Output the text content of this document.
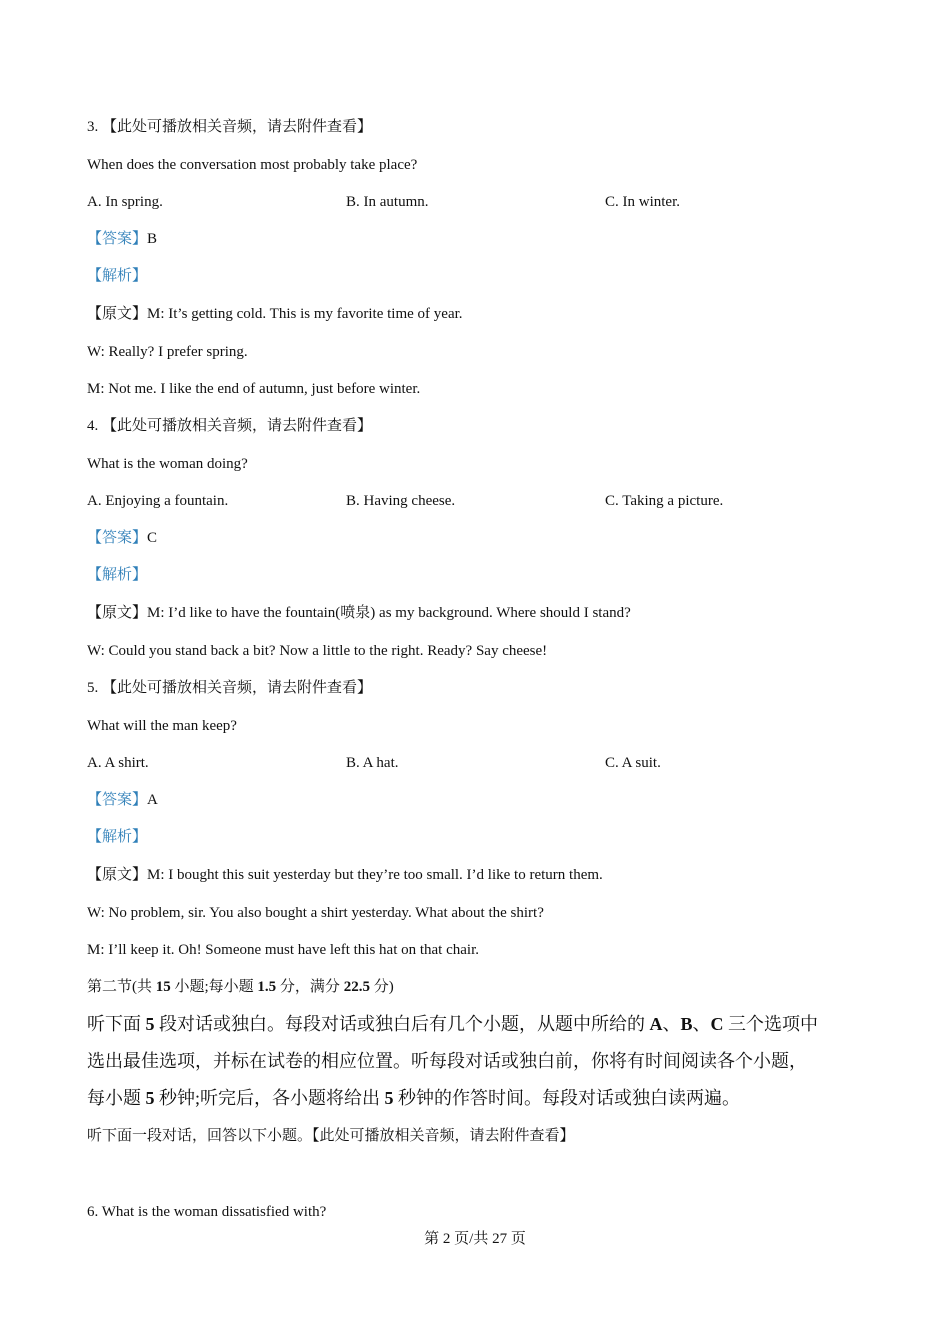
3. 【此处可播放相关音频，请去附件查看】
When does the conversation most probably take place?
A. In spring.	B. In autumn.	C. In winter.
【答案】B
【解析】
【原文】M: It’s getting cold. This is my favorite time of year.
W: Really? I prefer spring.
M: Not me. I like the end of autumn, just before winter.
4. 【此处可播放相关音频，请去附件查看】
What is the woman doing?
A. Enjoying a fountain.	B. Having cheese.	C. Taking a picture.
【答案】C
【解析】
【原文】M: I’d like to have the fountain(喷泉) as my background. Where should I stand?
W: Could you stand back a bit? Now a little to the right. Ready? Say cheese!
5. 【此处可播放相关音频，请去附件查看】
What will the man keep?
A. A shirt.	B. A hat.	C. A suit.
【答案】A
【解析】
【原文】M: I bought this suit yesterday but they’re too small. I’d like to return them.
W: No problem, sir. You also bought a shirt yesterday. What about the shirt?
M: I’ll keep it. Oh! Someone must have left this hat on that chair.
第二节(共 15 小题;每小题 1.5 分，满分 22.5 分)
听下面 5 段对话或独白。每段对话或独白后有几个小题，从题中所给的 A、B、C 三个选项中
选出最佳选项，并标在试卷的相应位置。听每段对话或独白前，你将有时间阅读各个小题，
每小题 5 秒钟;听完后，各小题将给出 5 秒钟的作答时间。每段对话或独白读两遍。
听下面一段对话，回答以下小题。【此处可播放相关音频，请去附件查看】
6. What is the woman dissatisfied with?
第 2 页/共 27 页
